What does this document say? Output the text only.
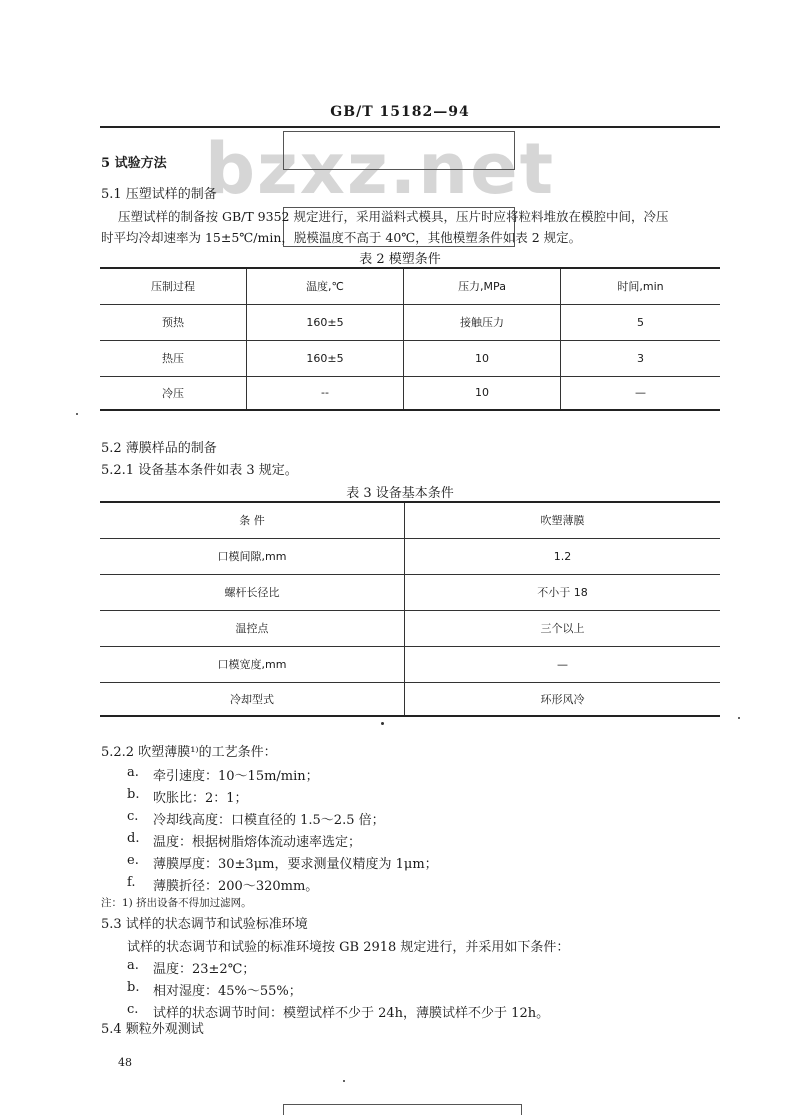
GB/T 15182—94
bzxz.net
5 试验方法
5.1 压塑试样的制备
压塑试样的制备按 GB/T 9352 规定进行，采用溢料式模具，压片时应将粒料堆放在模腔中间，冷压
时平均冷却速率为 15±5℃/min，脱模温度不高于 40℃，其他模塑条件如表 2 规定。
表 2 模塑条件
压制过程	温度,℃	压力,MPa	时间,min
预热	160±5	接触压力	5
热压	160±5	10	3
冷压	--	10	—
5.2 薄膜样品的制备
5.2.1 设备基本条件如表 3 规定。
表 3 设备基本条件
条 件	吹塑薄膜
口模间隙,mm	1.2
螺杆长径比	不小于 18
温控点	三个以上
口模宽度,mm	—
冷却型式	环形风冷
5.2.2 吹塑薄膜¹⁾的工艺条件：
a. 牵引速度：10～15m/min；
b. 吹胀比：2：1；
c. 冷却线高度：口模直径的 1.5～2.5 倍；
d. 温度：根据树脂熔体流动速率选定；
e. 薄膜厚度：30±3μm，要求测量仪精度为 1μm；
f. 薄膜折径：200～320mm。
注：1) 挤出设备不得加过滤网。
5.3 试样的状态调节和试验标准环境
试样的状态调节和试验的标准环境按 GB 2918 规定进行，并采用如下条件：
a. 温度：23±2℃；
b. 相对湿度：45%～55%；
c. 试样的状态调节时间：模塑试样不少于 24h，薄膜试样不少于 12h。
5.4 颗粒外观测试
48
